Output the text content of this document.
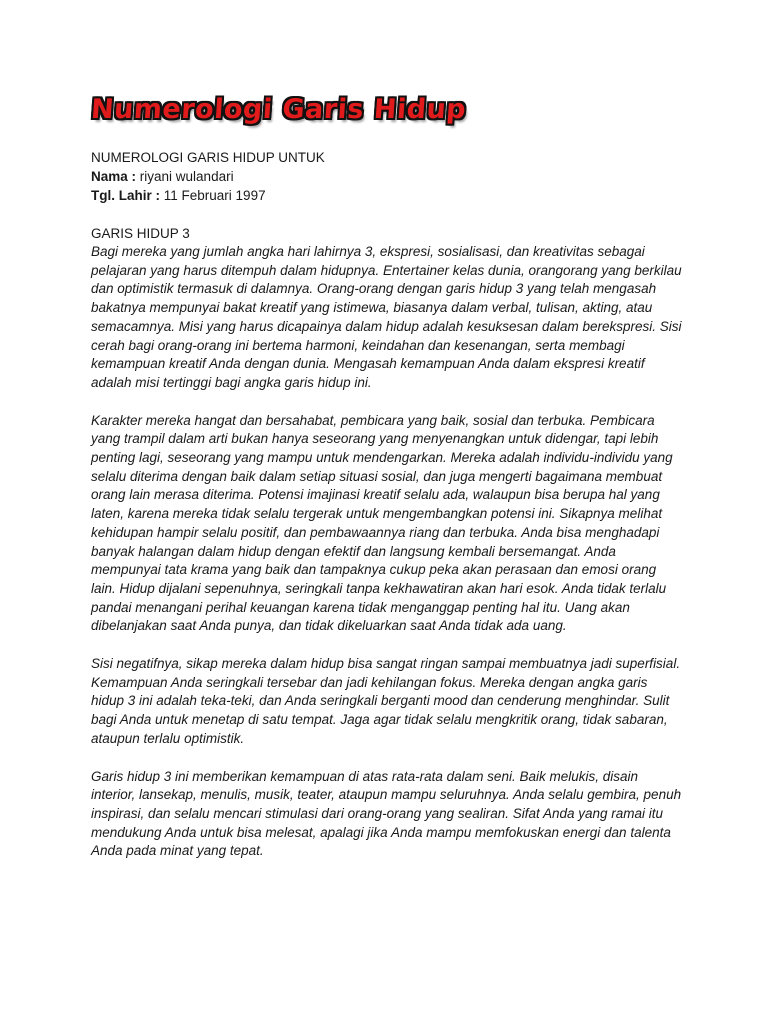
Numerologi Garis Hidup
NUMEROLOGI GARIS HIDUP UNTUK
Nama : riyani wulandari
Tgl. Lahir : 11 Februari 1997
GARIS HIDUP 3

Bagi mereka yang jumlah angka hari lahirnya 3, ekspresi, sosialisasi, dan kreativitas sebagai pelajaran yang harus ditempuh dalam hidupnya. Entertainer kelas dunia, orangorang yang berkilau dan optimistik termasuk di dalamnya. Orang-orang dengan garis hidup 3 yang telah mengasah bakatnya mempunyai bakat kreatif yang istimewa, biasanya dalam verbal, tulisan, akting, atau semacamnya. Misi yang harus dicapainya dalam hidup adalah kesuksesan dalam berekspresi. Sisi cerah bagi orang-orang ini bertema harmoni, keindahan dan kesenangan, serta membagi kemampuan kreatif Anda dengan dunia. Mengasah kemampuan Anda dalam ekspresi kreatif adalah misi tertinggi bagi angka garis hidup ini.

Karakter mereka hangat dan bersahabat, pembicara yang baik, sosial dan terbuka. Pembicara yang trampil dalam arti bukan hanya seseorang yang menyenangkan untuk didengar, tapi lebih penting lagi, seseorang yang mampu untuk mendengarkan. Mereka adalah individu-individu yang selalu diterima dengan baik dalam setiap situasi sosial, dan juga mengerti bagaimana membuat orang lain merasa diterima. Potensi imajinasi kreatif selalu ada, walaupun bisa berupa hal yang laten, karena mereka tidak selalu tergerak untuk mengembangkan potensi ini. Sikapnya melihat kehidupan hampir selalu positif, dan pembawaannya riang dan terbuka. Anda bisa menghadapi banyak halangan dalam hidup dengan efektif dan langsung kembali bersemangat. Anda mempunyai tata krama yang baik dan tampaknya cukup peka akan perasaan dan emosi orang lain. Hidup dijalani sepenuhnya, seringkali tanpa kekhawatiran akan hari esok. Anda tidak terlalu pandai menangani perihal keuangan karena tidak menganggap penting hal itu. Uang akan dibelanjakan saat Anda punya, dan tidak dikeluarkan saat Anda tidak ada uang.

Sisi negatifnya, sikap mereka dalam hidup bisa sangat ringan sampai membuatnya jadi superfisial. Kemampuan Anda seringkali tersebar dan jadi kehilangan fokus. Mereka dengan angka garis hidup 3 ini adalah teka-teki, dan Anda seringkali berganti mood dan cenderung menghindar. Sulit bagi Anda untuk menetap di satu tempat. Jaga agar tidak selalu mengkritik orang, tidak sabaran, ataupun terlalu optimistik.

Garis hidup 3 ini memberikan kemampuan di atas rata-rata dalam seni. Baik melukis, disain interior, lansekap, menulis, musik, teater, ataupun mampu seluruhnya. Anda selalu gembira, penuh inspirasi, dan selalu mencari stimulasi dari orang-orang yang sealiran. Sifat Anda yang ramai itu mendukung Anda untuk bisa melesat, apalagi jika Anda mampu memfokuskan energi dan talenta Anda pada minat yang tepat.
